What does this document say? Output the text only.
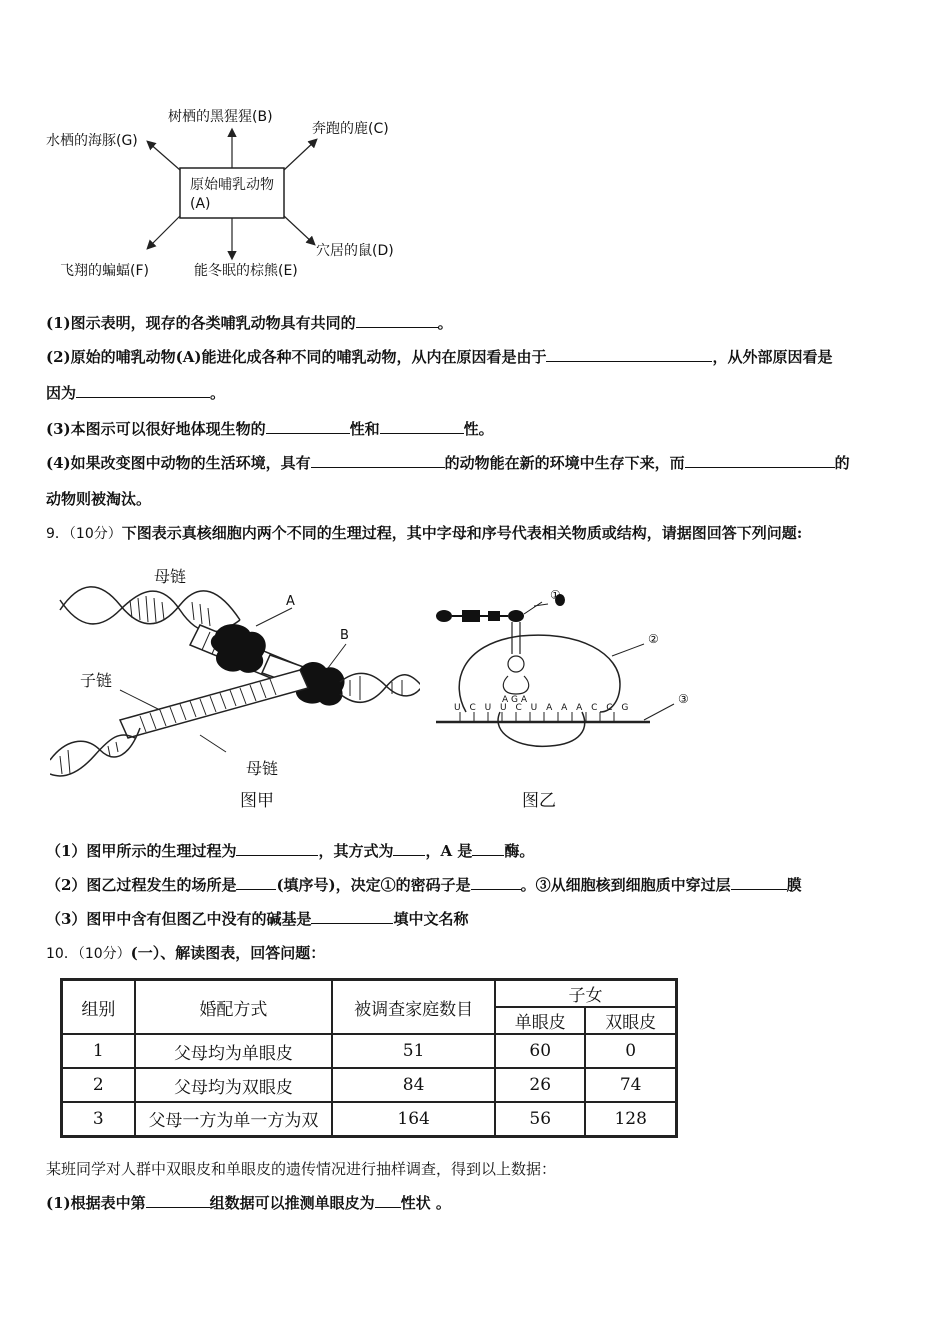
原始哺乳动物(A)
树栖的黑猩猩(B)
奔跑的鹿(C)
水栖的海豚(G)
穴居的鼠(D)
能冬眠的棕熊(E)
飞翔的蝙蝠(F)
(1)图示表明，现存的各类哺乳动物具有共同的	。
(2)原始的哺乳动物(A)能进化成各种不同的哺乳动物，从内在原因看是由于	，从外部原因看是
因为	。
(3)本图示可以很好地体现生物的	性和	性。
(4)如果改变图中动物的生活环境，具有	的动物能在新的环境中生存下来，而	的
动物则被淘汰。
9．（10分）下图表示真核细胞内两个不同的生理过程，其中字母和序号代表相关物质或结构，请据图回答下列问题:
母链
A
B
子链
母链
图甲
①
②
③
A G A
U C U U C U A A A C C G
图乙
（1）图甲所示的生理过程为	，其方式为 ，A 是 酶。
（2）图乙过程发生的场所是	(填序号)，决定①的密码子是	。③从细胞核到细胞质中穿过层	膜
（3）图甲中含有但图乙中没有的碱基是	填中文名称
10．（10分）(一）、解读图表，回答问题：
组别	婚配方式	被调查家庭数目	子女	
			单眼皮	双眼皮
1	父母均为单眼皮	51	60	0
2	父母均为双眼皮	84	26	74
3	父母一方为单一方为双	164	56	128
某班同学对人群中双眼皮和单眼皮的遗传情况进行抽样调查，得到以上数据：
(1)根据表中第	组数据可以推测单眼皮为 性状 。
